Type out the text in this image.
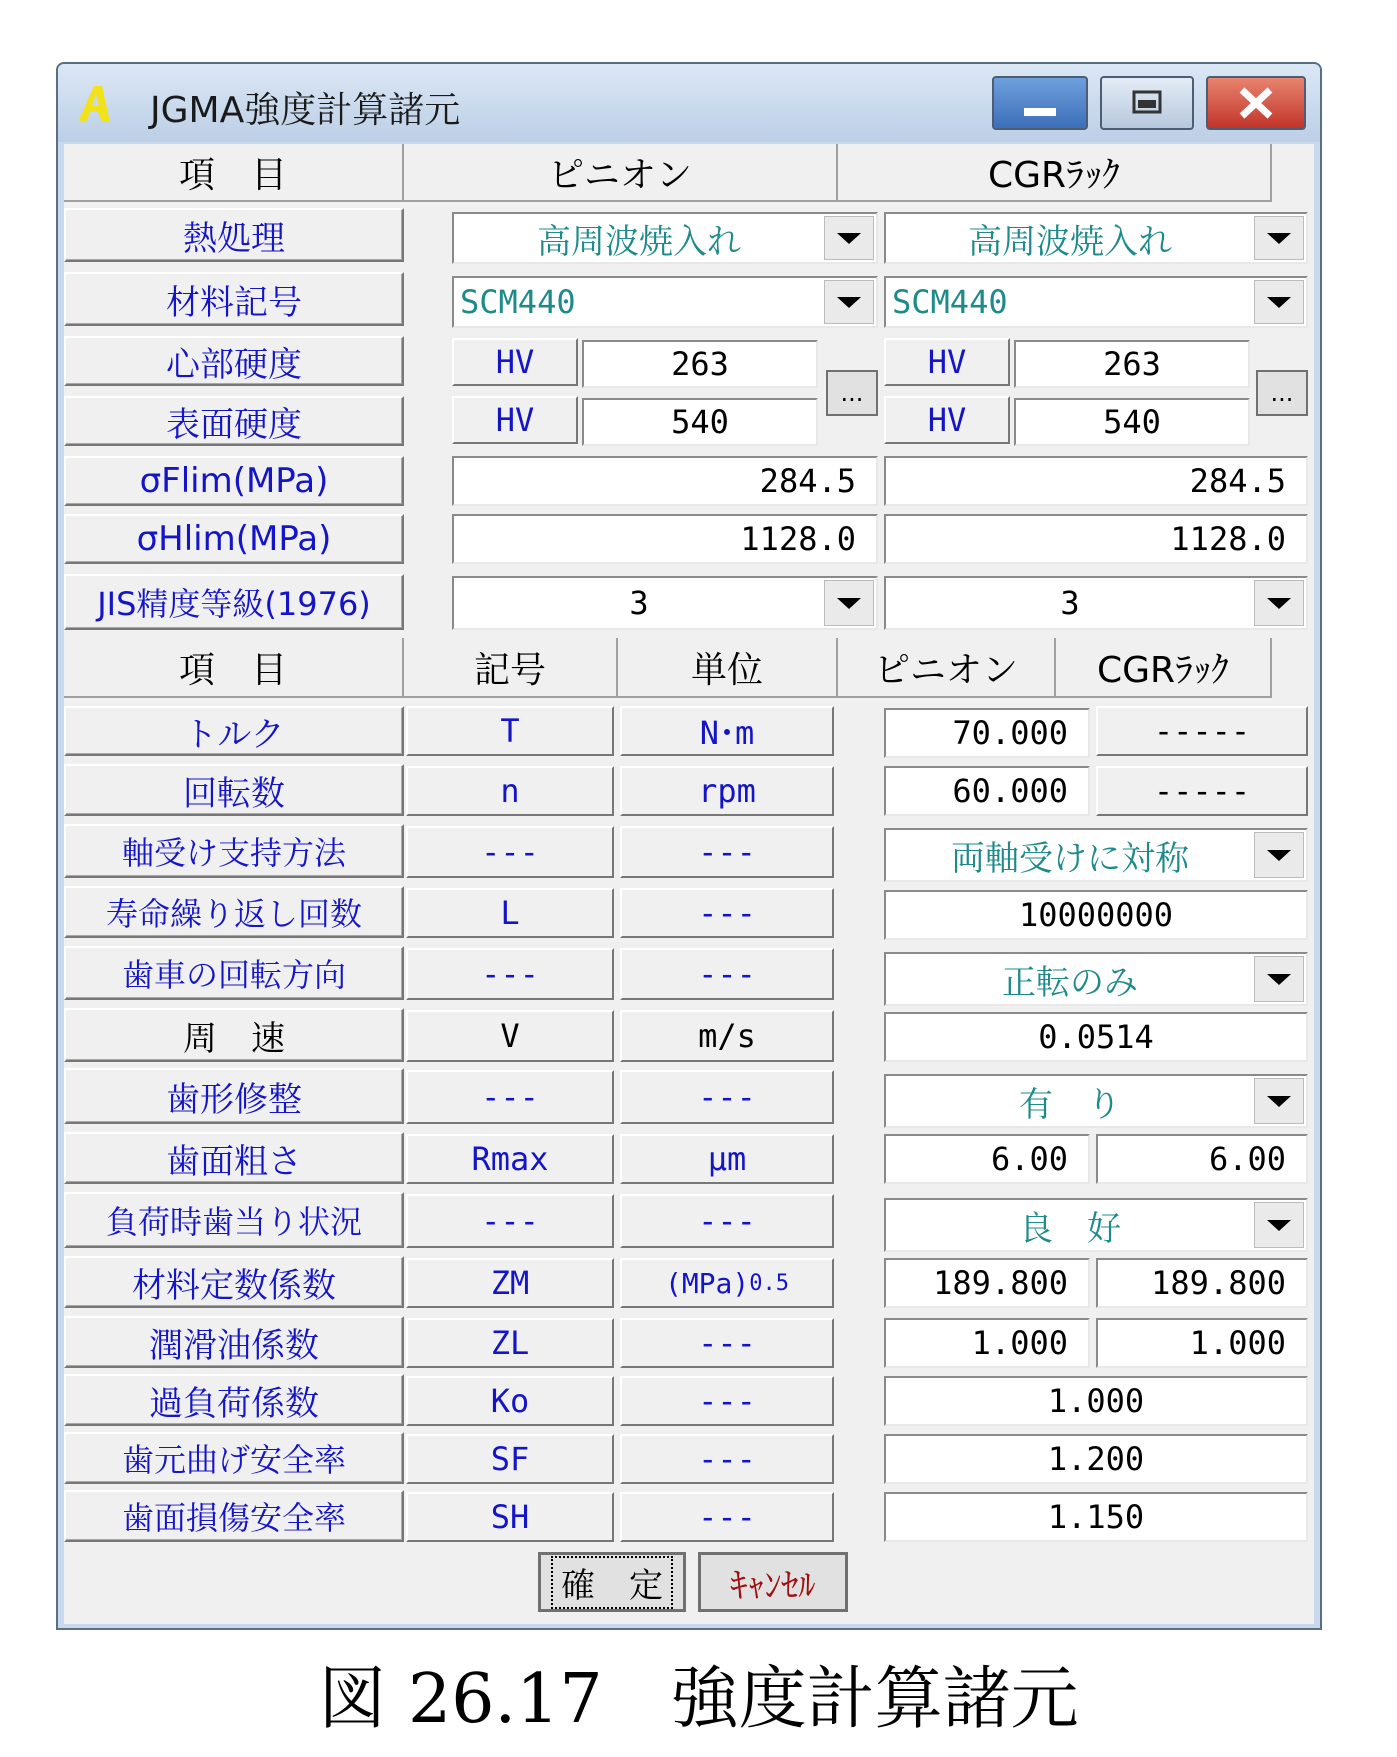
JGMA強度計算諸元
項　目	ピニオン	CGRﾗｯｸ
熱処理	高周波焼入れ	高周波焼入れ
材料記号	SCM440	SCM440
心部硬度	HV	263	HV	263
表面硬度	HV	540	HV	540
...	...
σFlim(MPa)	284.5	284.5
σHlim(MPa)	1128.0	1128.0
JIS精度等級(1976)	3	3
項　目	記号	単位	ピニオン	CGRﾗｯｸ
トルク	T	N･m	70.000	-----
回転数	n	rpm	60.000	-----
軸受け支持方法	---	---	両軸受けに対称
寿命繰り返し回数	L	---	10000000
歯車の回転方向	---	---	正転のみ
周　速	V	m/s	0.0514
歯形修整	---	---	有　り
歯面粗さ	Rmax	μm	6.00	6.00
負荷時歯当り状況	---	---	良　好
材料定数係数	ZM	(MPa) 0.5	189.800	189.800
潤滑油係数	ZL	---	1.000	1.000
過負荷係数	Ko	---	1.000
歯元曲げ安全率	SF	---	1.200
歯面損傷安全率	SH	---	1.150
確　定	ｷｬﾝｾﾙ
図 26.17　強度計算諸元
